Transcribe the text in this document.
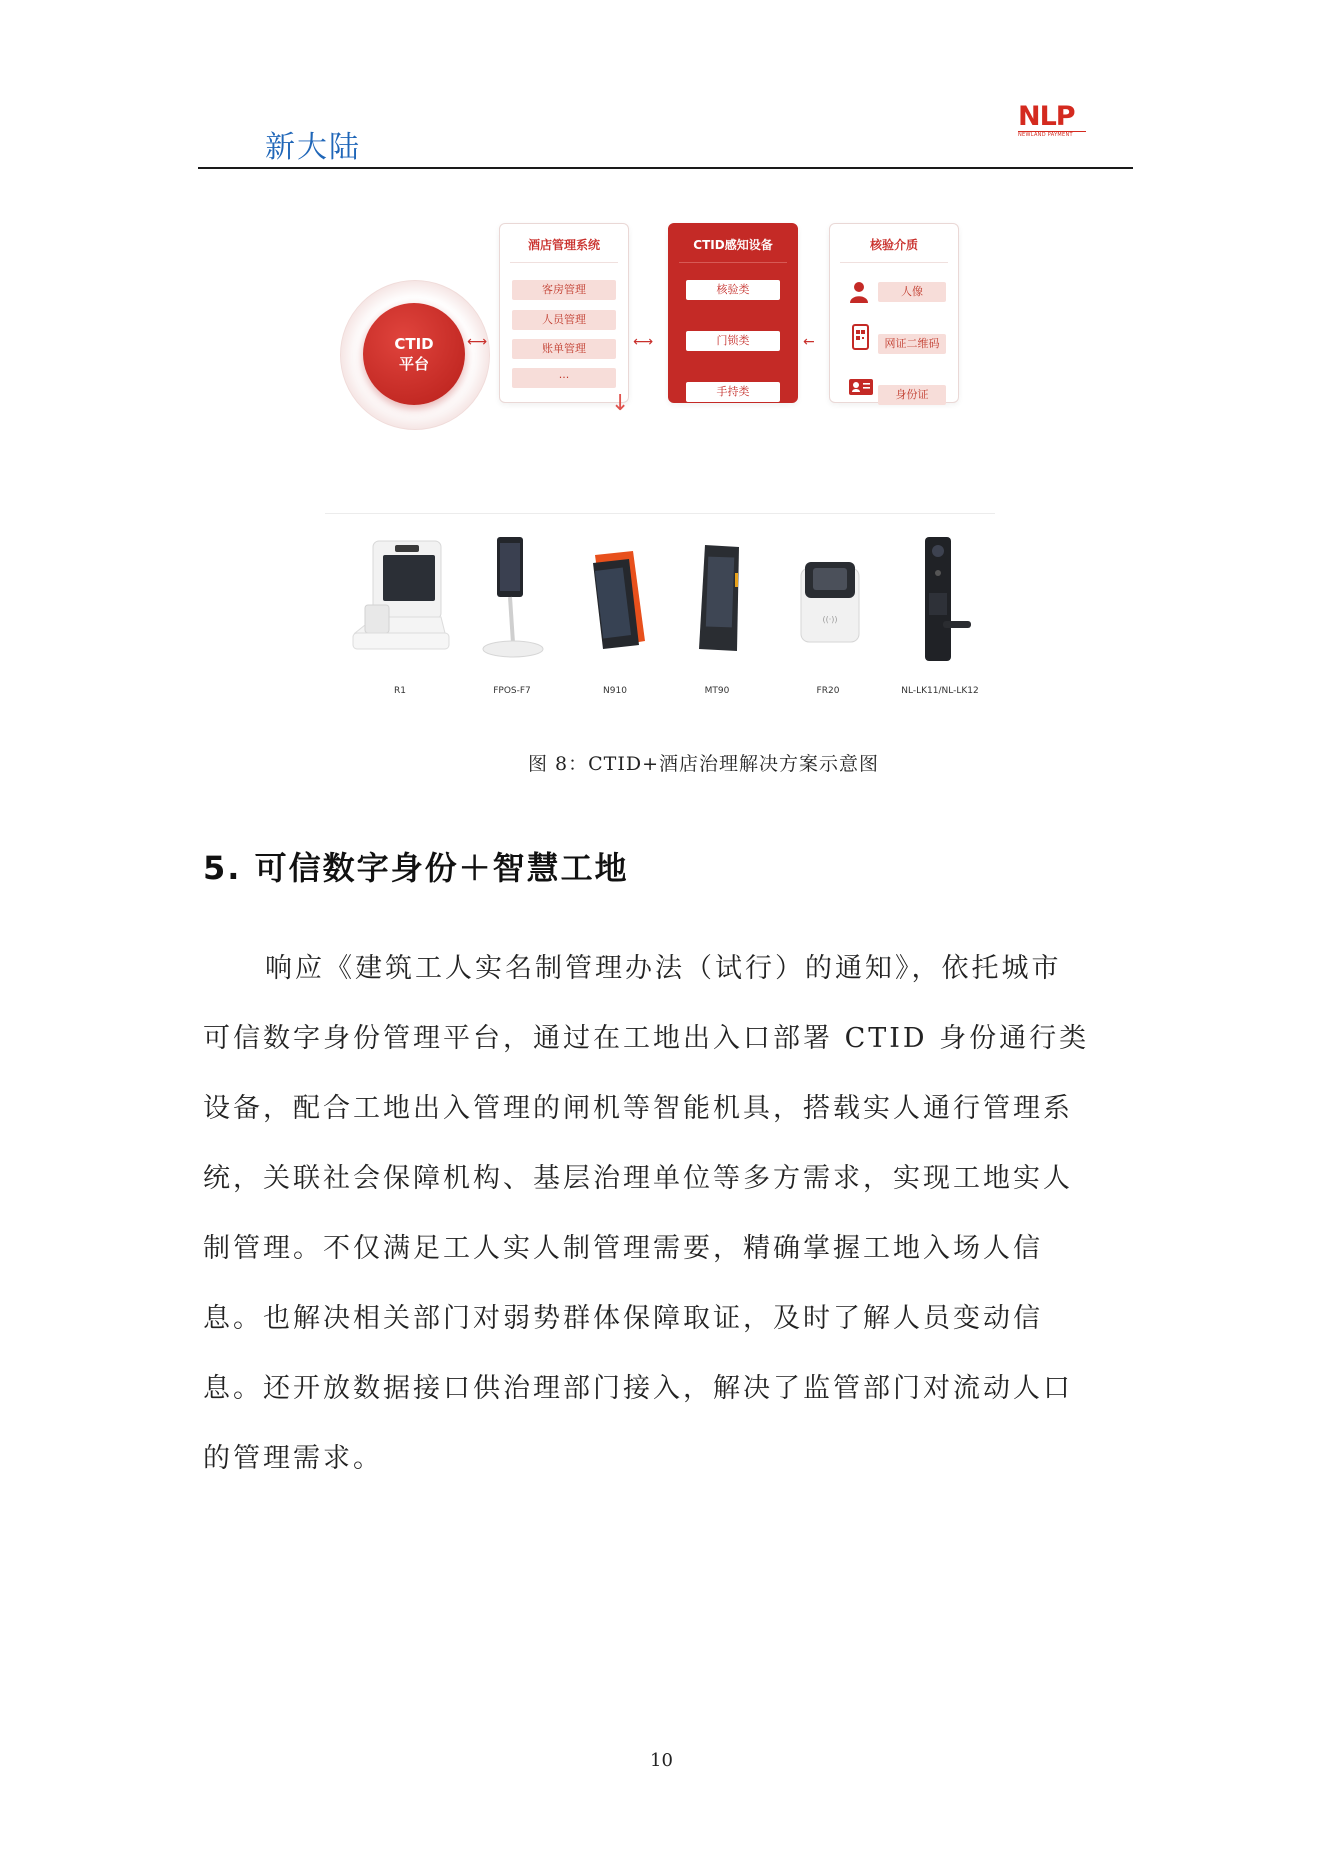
新大陆
NLP
NEWLAND PAYMENT
CTID
平台
⟷
酒店管理系统
客房管理
人员管理
账单管理
···
⟷
CTID感知设备
核验类
门锁类
手持类
←
核验介质
人像
网证二维码
身份证
↓
((·))
R1	FPOS-F7	N910	MT90	FR20	NL-LK11/NL-LK12
图 8：CTID+酒店治理解决方案示意图
5. 可信数字身份＋智慧工地
响应《建筑工人实名制管理办法（试行）的通知》，依托城市
可信数字身份管理平台，通过在工地出入口部署 CTID 身份通行类
设备，配合工地出入管理的闸机等智能机具，搭载实人通行管理系
统，关联社会保障机构、基层治理单位等多方需求，实现工地实人
制管理。不仅满足工人实人制管理需要，精确掌握工地入场人信
息。也解决相关部门对弱势群体保障取证，及时了解人员变动信
息。还开放数据接口供治理部门接入，解决了监管部门对流动人口
的管理需求。
10
